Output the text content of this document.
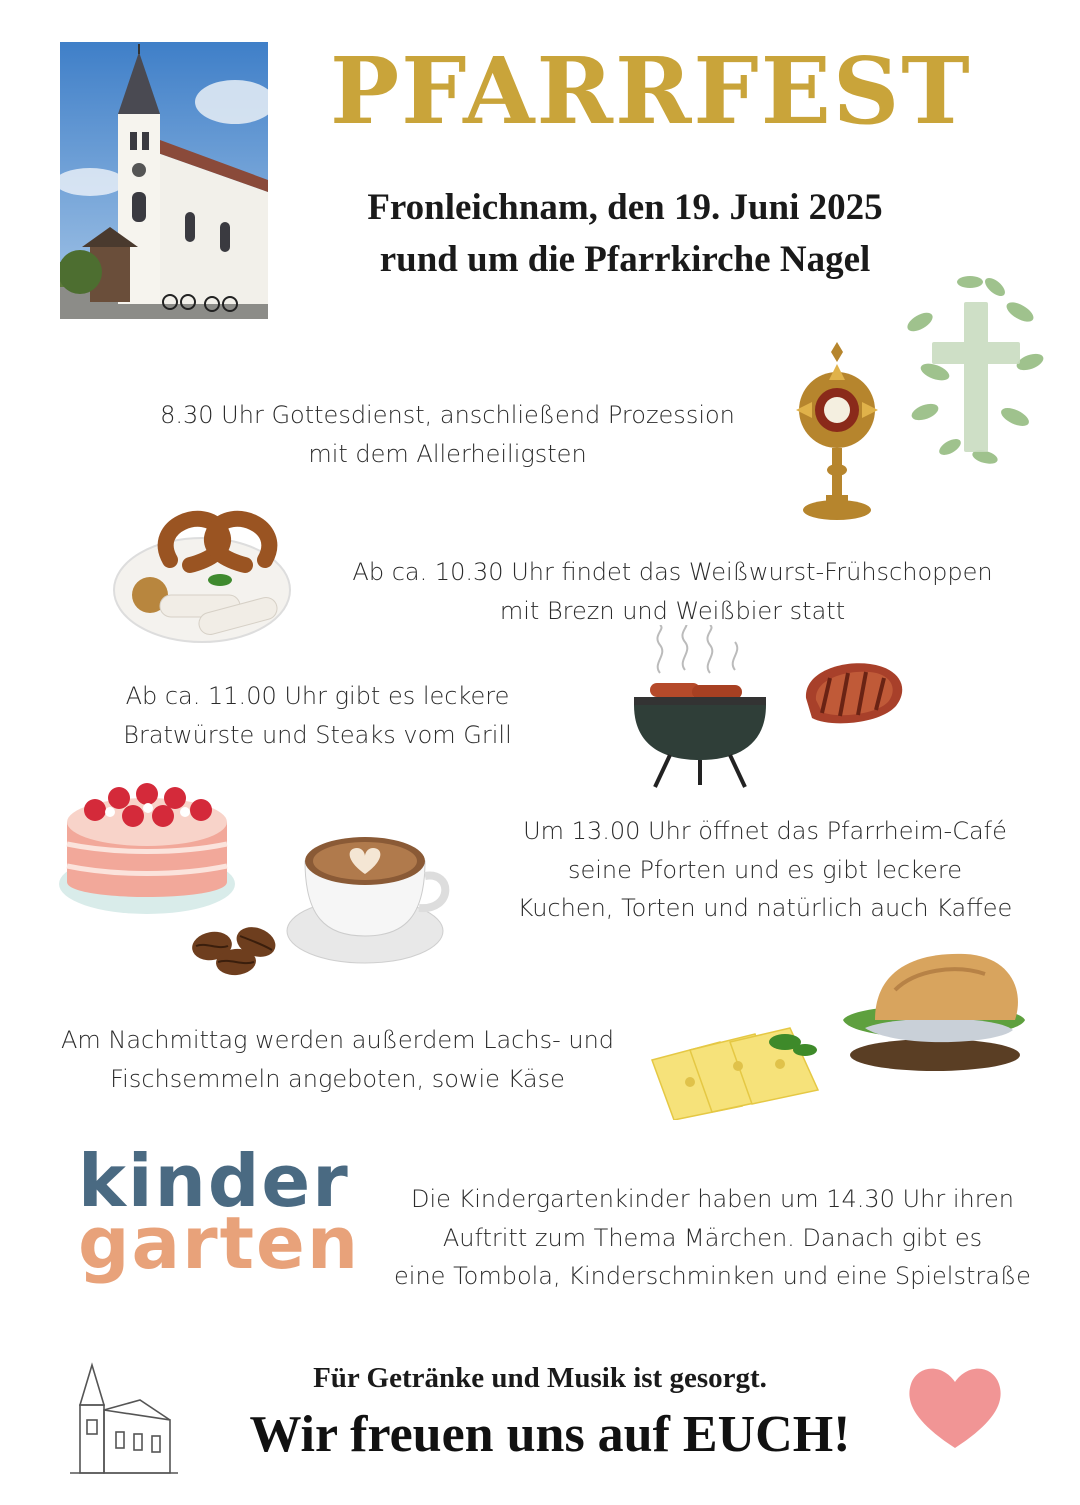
PFARRFEST
Fronleichnam, den 19. Juni 2025
rund um die Pfarrkirche Nagel
8.30 Uhr Gottesdienst, anschließend Prozession
mit dem Allerheiligsten
Ab ca. 10.30 Uhr findet das Weißwurst-Frühschoppen
mit Brezn und Weißbier statt
Ab ca. 11.00 Uhr gibt es leckere
Bratwürste und Steaks vom Grill
Um 13.00 Uhr öffnet das Pfarrheim-Café
seine Pforten und es gibt leckere
Kuchen, Torten und natürlich auch Kaffee
Am Nachmittag werden außerdem Lachs- und
Fischsemmeln angeboten, sowie Käse
kinder
garten
Die Kindergartenkinder haben um 14.30 Uhr ihren
Auftritt zum Thema Märchen. Danach gibt es
eine Tombola, Kinderschminken und eine Spielstraße
Für Getränke und Musik ist gesorgt.
Wir freuen uns auf EUCH!
